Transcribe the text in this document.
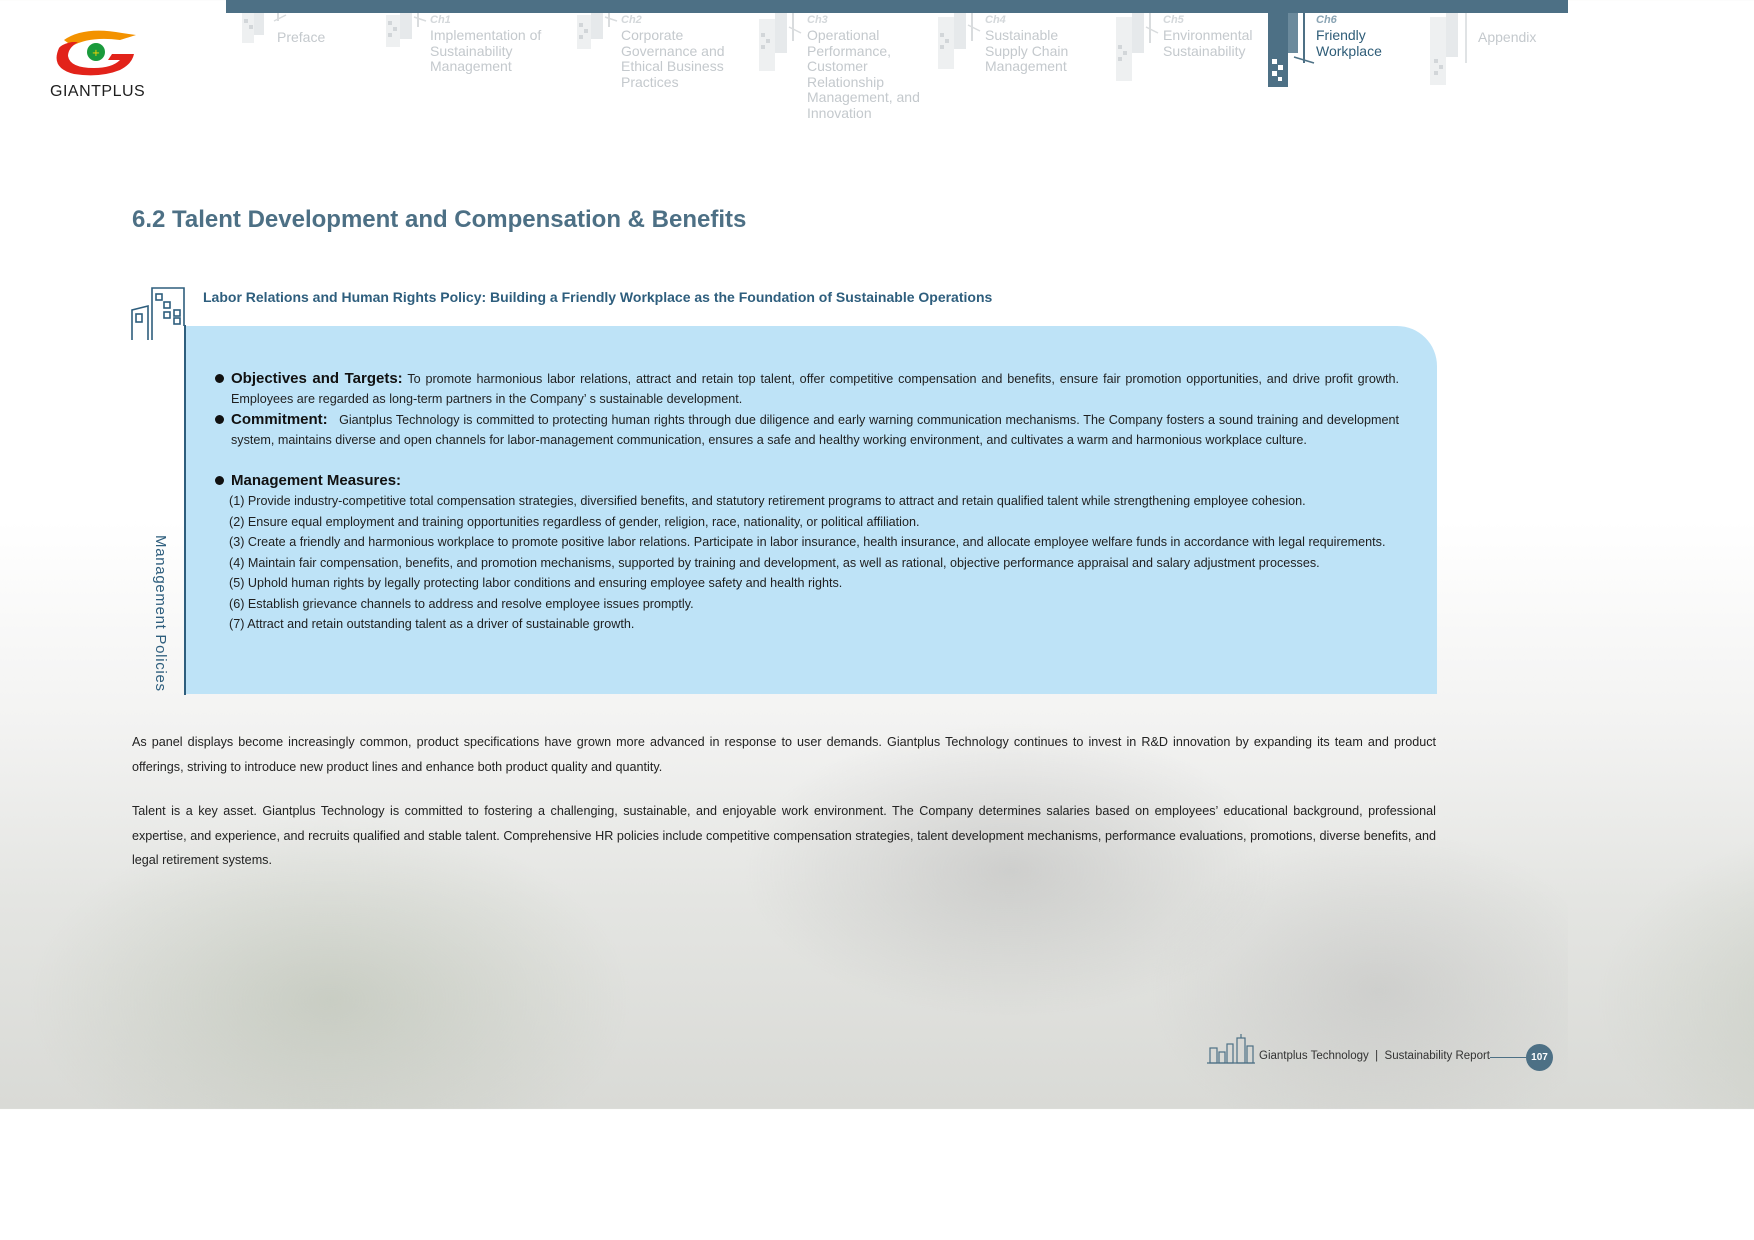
+
GIANTPLUS
Preface
Ch1
Implementation of Sustainability Management
Ch2
Corporate Governance and Ethical Business Practices
Ch3
Operational Performance, Customer Relationship Management, and Innovation
Ch4
Sustainable Supply Chain Management
Ch5
Environmental Sustainability
Ch6
Friendly Workplace
Appendix
6.2 Talent Development and Compensation & Benefits
Labor Relations and Human Rights Policy: Building a Friendly Workplace as the Foundation of Sustainable Operations
Management Policies
Objectives and Targets: To promote harmonious labor relations, attract and retain top talent, offer competitive compensation and benefits, ensure fair promotion opportunities, and drive profit growth. Employees are regarded as long-term partners in the Company’ s sustainable development.
Commitment: Giantplus Technology is committed to protecting human rights through due diligence and early warning communication mechanisms. The Company fosters a sound training and development system, maintains diverse and open channels for labor-management communication, ensures a safe and healthy working environment, and cultivates a warm and harmonious workplace culture.
Management Measures:
(1) Provide industry-competitive total compensation strategies, diversified benefits, and statutory retirement programs to attract and retain qualified talent while strengthening employee cohesion.
(2) Ensure equal employment and training opportunities regardless of gender, religion, race, nationality, or political affiliation.
(3) Create a friendly and harmonious workplace to promote positive labor relations. Participate in labor insurance, health insurance, and allocate employee welfare funds in accordance with legal requirements.
(4) Maintain fair compensation, benefits, and promotion mechanisms, supported by training and development, as well as rational, objective performance appraisal and salary adjustment processes.
(5) Uphold human rights by legally protecting labor conditions and ensuring employee safety and health rights.
(6) Establish grievance channels to address and resolve employee issues promptly.
(7) Attract and retain outstanding talent as a driver of sustainable growth.

As panel displays become increasingly common, product specifications have grown more advanced in response to user demands. Giantplus Technology continues to invest in R&D innovation by expanding its team and product offerings, striving to introduce new product lines and enhance both product quality and quantity.

Talent is a key asset. Giantplus Technology is committed to fostering a challenging, sustainable, and enjoyable work environment. The Company determines salaries based on employees’ educational background, professional expertise, and experience, and recruits qualified and stable talent. Comprehensive HR policies include competitive compensation strategies, talent development mechanisms, performance evaluations, promotions, diverse benefits, and legal retirement systems.

Giantplus Technology | Sustainability Report	107
